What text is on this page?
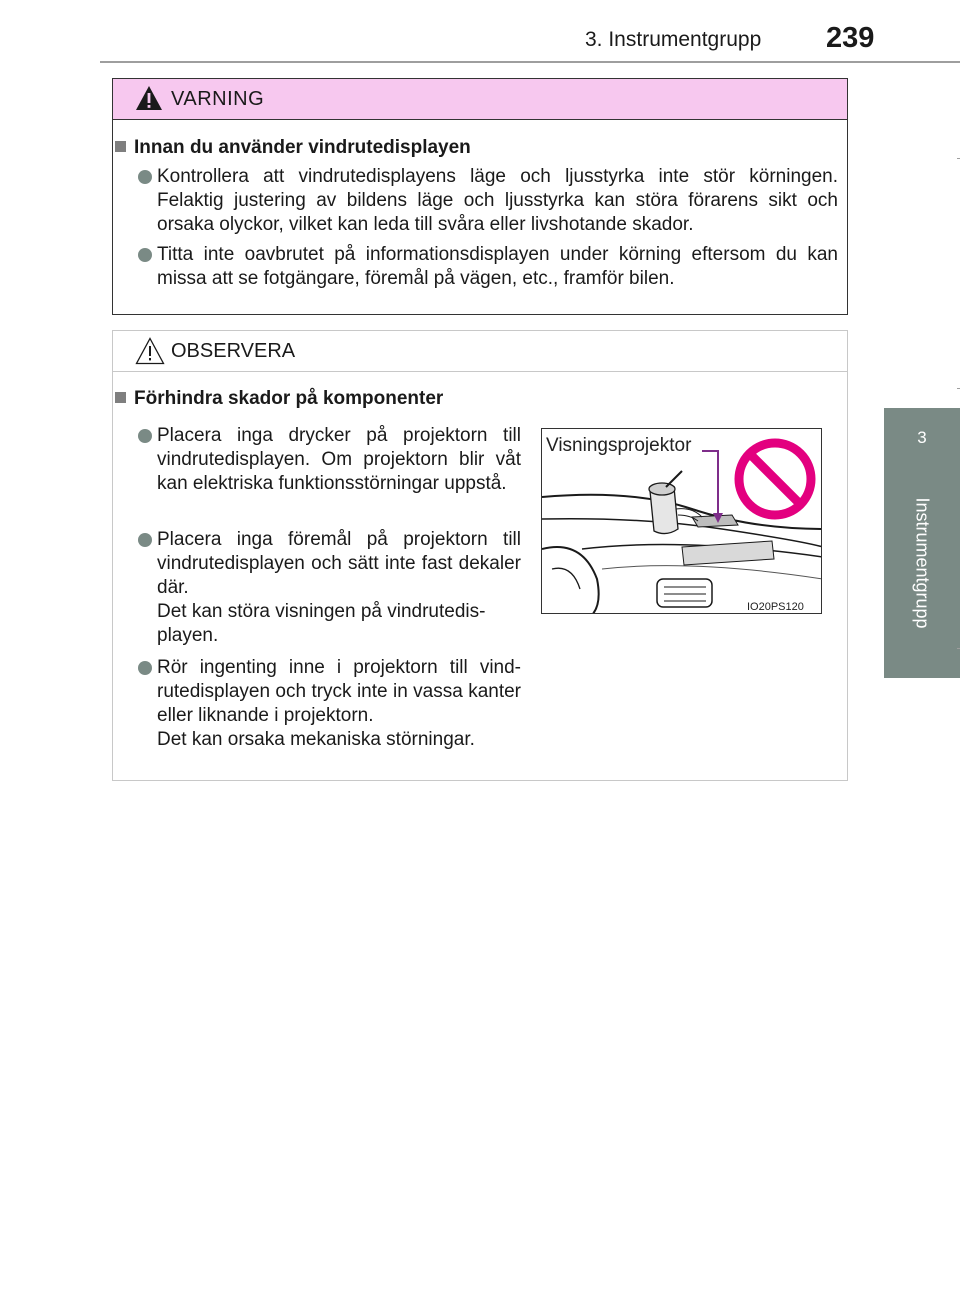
3. Instrumentgrupp 239
3
Instrumentgrupp
VARNING
Innan du använder vindrutedisplayen

Kontrollera att vindrutedisplayens läge och ljusstyrka inte stör körningen. Felaktig justering av bildens läge och ljusstyrka kan störa förarens sikt och orsaka olyckor, vilket kan leda till svåra eller livshotande skador.

Titta inte oavbrutet på informationsdisplayen under körning eftersom du kan missa att se fotgängare, föremål på vägen, etc., framför bilen.

OBSERVERA
Förhindra skador på komponenter

Placera inga drycker på projektorn till vindrutedisplayen. Om projektorn blir våt kan elektriska funktionsstörningar uppstå.

Placera inga föremål på projektorn till vindrutedisplayen och sätt inte fast dekaler där.

Det kan störa visningen på vindrutedis-playen.

Rör ingenting inne i projektorn till vind-rutedisplayen och tryck inte in vassa kanter eller liknande i projektorn.

Det kan orsaka mekaniska störningar.

Visningsprojektor
IO20PS120
